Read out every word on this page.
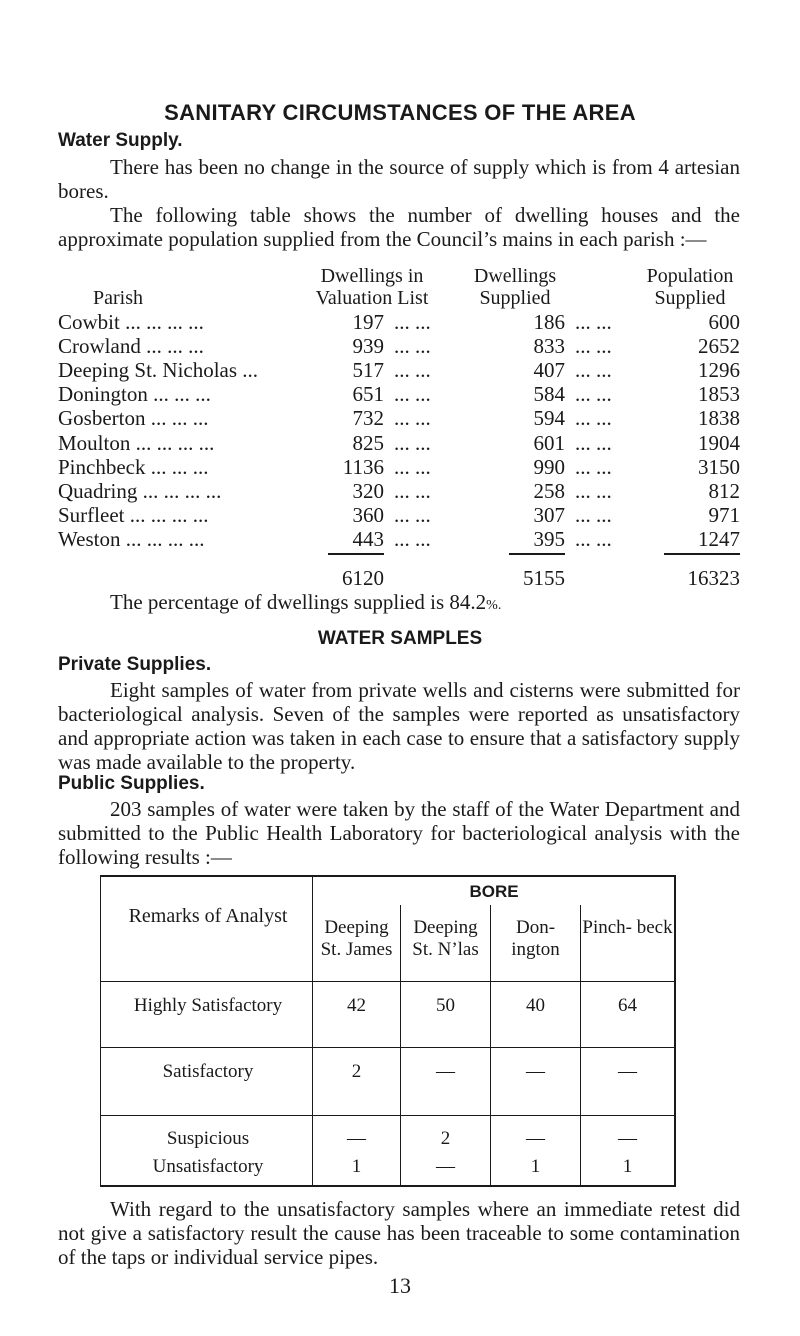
SANITARY CIRCUMSTANCES OF THE AREA
Water Supply.
There has been no change in the source of supply which is from 4 artesian bores.
The following table shows the number of dwelling houses and the approximate population supplied from the Council’s mains in each parish :—
Parish
Dwellings in Valuation List
Dwellings Supplied
Population Supplied
Cowbit ... ... ... ...	197 ... ...	186 ... ...	600
Crowland ... ... ...	939 ... ...	833 ... ...	2652
Deeping St. Nicholas ...	517 ... ...	407 ... ...	1296
Donington ... ... ...	651 ... ...	584 ... ...	1853
Gosberton ... ... ...	732 ... ...	594 ... ...	1838
Moulton ... ... ... ...	825 ... ...	601 ... ...	1904
Pinchbeck ... ... ...	1136 ... ...	990 ... ...	3150
Quadring ... ... ... ...	320 ... ...	258 ... ...	812
Surfleet ... ... ... ...	360 ... ...	307 ... ...	971
Weston ... ... ... ...	443 ... ...	395 ... ...	1247
6120	5155	16323
The percentage of dwellings supplied is 84.2%.
WATER SAMPLES
Private Supplies.
Eight samples of water from private wells and cisterns were submitted for bacteriological analysis. Seven of the samples were reported as unsatisfactory and appropriate action was taken in each case to ensure that a satisfactory supply was made available to the property.
Public Supplies.
203 samples of water were taken by the staff of the Water Department and submitted to the Public Health Laboratory for bacteriological analysis with the following results :—
Remarks of Analyst
BORE
Deeping St. James
Deeping St. N’las
Don- ington
Pinch- beck
Highly Satisfactory	42	50	40	64
Satisfactory	2	—	—	—
Suspicious	—	2	—	—
Unsatisfactory	1	—	1	1
With regard to the unsatisfactory samples where an immediate retest did not give a satisfactory result the cause has been traceable to some contamination of the taps or individual service pipes.
13
